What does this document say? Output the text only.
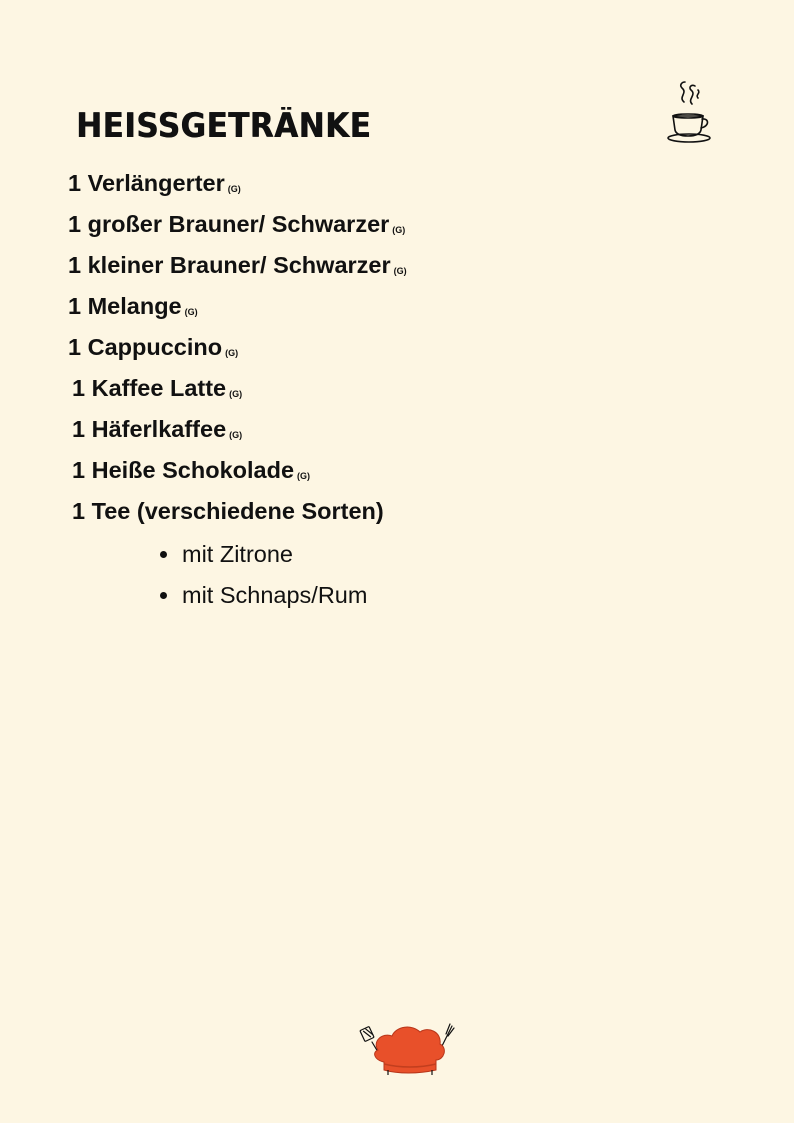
HEISSGETRÄNKE
1 Verlängerter (G)
1 großer Brauner/ Schwarzer (G)
1 kleiner Brauner/ Schwarzer (G)
1 Melange (G)
1 Cappuccino (G)
1 Kaffee Latte (G)
1 Häferlkaffee (G)
1 Heiße Schokolade (G)
1 Tee (verschiedene Sorten)
mit Zitrone
mit Schnaps/Rum
